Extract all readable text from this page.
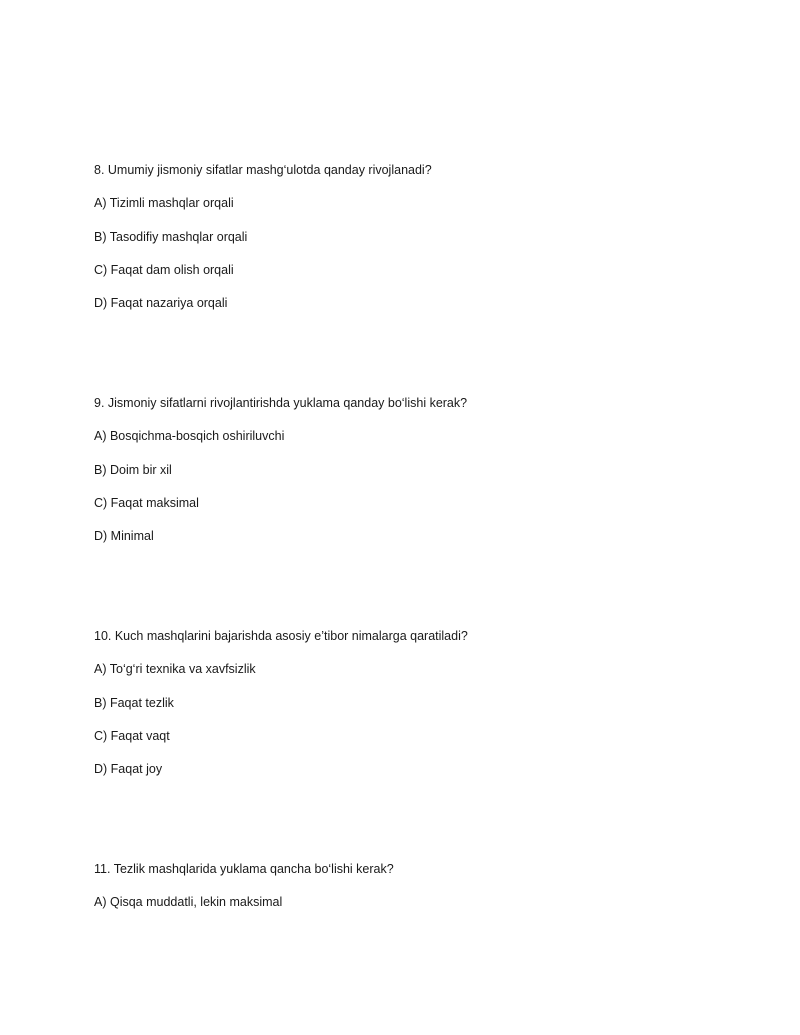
8. Umumiy jismoniy sifatlar mashg‘ulotda qanday rivojlanadi?
A) Tizimli mashqlar orqali
B) Tasodifiy mashqlar orqali
C) Faqat dam olish orqali
D) Faqat nazariya orqali
9. Jismoniy sifatlarni rivojlantirishda yuklama qanday bo‘lishi kerak?
A) Bosqichma-bosqich oshiriluvchi
B) Doim bir xil
C) Faqat maksimal
D) Minimal
10. Kuch mashqlarini bajarishda asosiy e’tibor nimalarga qaratiladi?
A) To‘g‘ri texnika va xavfsizlik
B) Faqat tezlik
C) Faqat vaqt
D) Faqat joy
11. Tezlik mashqlarida yuklama qancha bo‘lishi kerak?
A) Qisqa muddatli, lekin maksimal
